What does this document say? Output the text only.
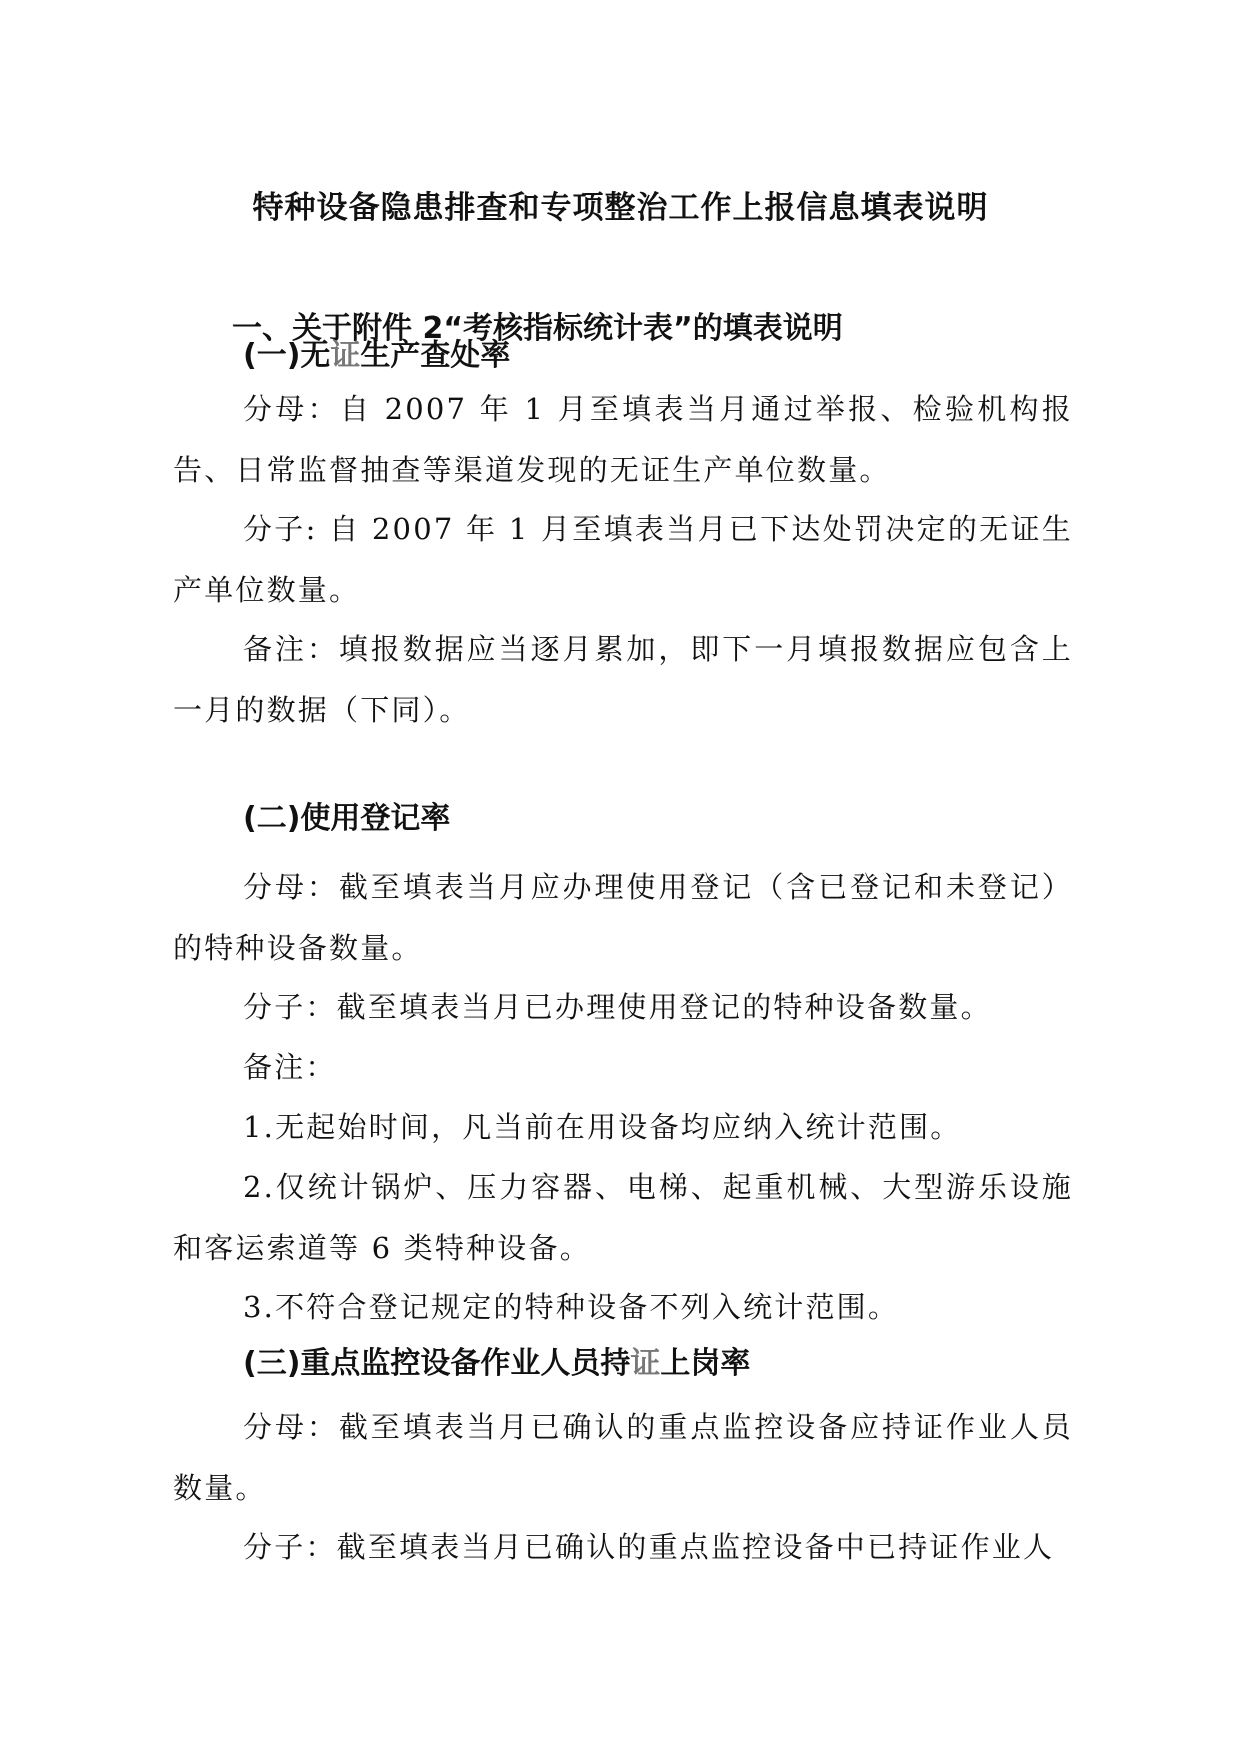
特种设备隐患排查和专项整治工作上报信息填表说明
一、关于附件 2“考核指标统计表”的填表说明
(一)无证生产查处率

分母：自 2007 年 1 月至填表当月通过举报、检验机构报告、日常监督抽查等渠道发现的无证生产单位数量。

分子: 自 2007 年 1 月至填表当月已下达处罚决定的无证生产单位数量。

备注：填报数据应当逐月累加，即下一月填报数据应包含上一月的数据（下同）。

(二)使用登记率

分母：截至填表当月应办理使用登记（含已登记和未登记）的特种设备数量。

分子：截至填表当月已办理使用登记的特种设备数量。

备注：

1.无起始时间，凡当前在用设备均应纳入统计范围。

2.仅统计锅炉、压力容器、电梯、起重机械、大型游乐设施和客运索道等 6 类特种设备。

3.不符合登记规定的特种设备不列入统计范围。

(三)重点监控设备作业人员持证上岗率

分母：截至填表当月已确认的重点监控设备应持证作业人员数量。

分子：截至填表当月已确认的重点监控设备中已持证作业人
